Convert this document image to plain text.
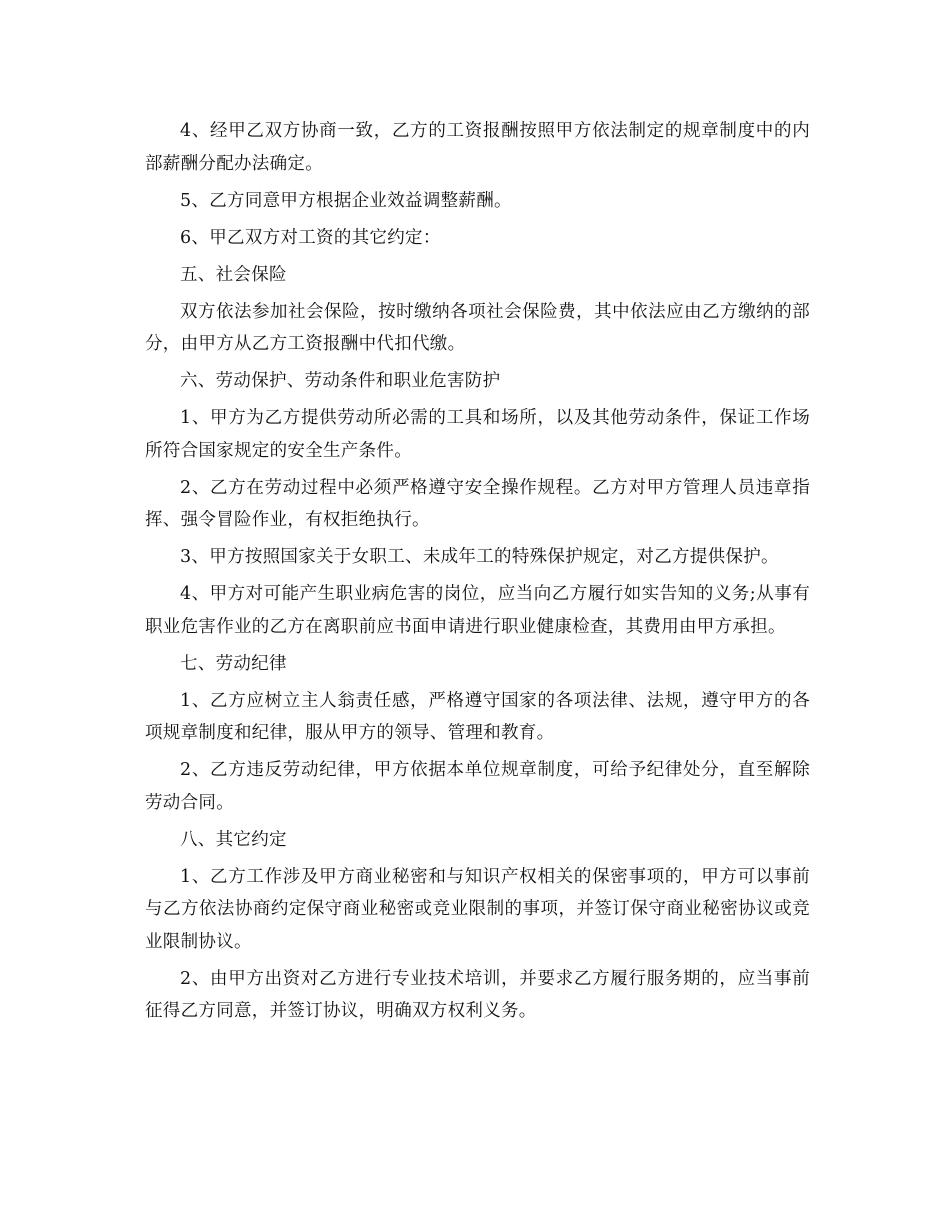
4、经甲乙双方协商一致，乙方的工资报酬按照甲方依法制定的规章制度中的内部薪酬分配办法确定。

5、乙方同意甲方根据企业效益调整薪酬。

6、甲乙双方对工资的其它约定：

五、社会保险

双方依法参加社会保险，按时缴纳各项社会保险费，其中依法应由乙方缴纳的部分，由甲方从乙方工资报酬中代扣代缴。

六、劳动保护、劳动条件和职业危害防护

1、甲方为乙方提供劳动所必需的工具和场所，以及其他劳动条件，保证工作场所符合国家规定的安全生产条件。

2、乙方在劳动过程中必须严格遵守安全操作规程。乙方对甲方管理人员违章指挥、强令冒险作业，有权拒绝执行。

3、甲方按照国家关于女职工、未成年工的特殊保护规定，对乙方提供保护。

4、甲方对可能产生职业病危害的岗位，应当向乙方履行如实告知的义务;从事有职业危害作业的乙方在离职前应书面申请进行职业健康检查，其费用由甲方承担。

七、劳动纪律

1、乙方应树立主人翁责任感，严格遵守国家的各项法律、法规，遵守甲方的各项规章制度和纪律，服从甲方的领导、管理和教育。

2、乙方违反劳动纪律，甲方依据本单位规章制度，可给予纪律处分，直至解除劳动合同。

八、其它约定

1、乙方工作涉及甲方商业秘密和与知识产权相关的保密事项的，甲方可以事前与乙方依法协商约定保守商业秘密或竞业限制的事项，并签订保守商业秘密协议或竞业限制协议。

2、由甲方出资对乙方进行专业技术培训，并要求乙方履行服务期的，应当事前征得乙方同意，并签订协议，明确双方权利义务。
